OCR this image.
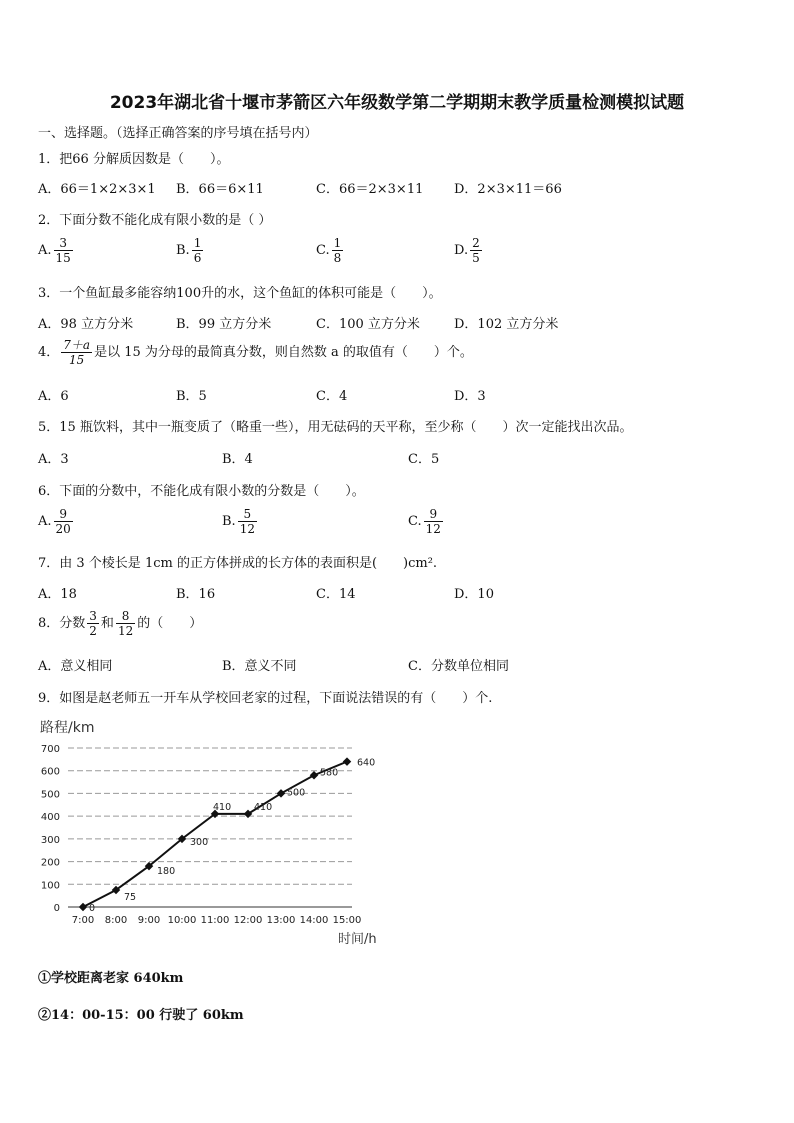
2023年湖北省十堰市茅箭区六年级数学第二学期期末教学质量检测模拟试题
一、选择题。（选择正确答案的序号填在括号内）
1．把66 分解质因数是（　　）。
A．66＝1×2×3×1 B．66＝6×11	C．66＝2×3×11 D．2×3×11＝66
2．下面分数不能化成有限小数的是（ ）
A. $\frac{3}{15}$	B. $\frac{1}{6}$	C. $\frac{1}{8}$	D. $\frac{2}{5}$
3．一个鱼缸最多能容纳100升的水，这个鱼缸的体积可能是（　　）。
A．98 立方分米	B．99 立方分米	C．100 立方分米	D．102 立方分米
4． $\frac{7+a}{15}$ 是以 15 为分母的最简真分数，则自然数 a 的取值有（　　）个。
A．6	B．5	C．4	D．3
5．15 瓶饮料，其中一瓶变质了（略重一些），用无砝码的天平称，至少称（　　）次一定能找出次品。
A．3	B．4	C．5
6．下面的分数中，不能化成有限小数的分数是（　　）。
A. $\frac{9}{20}$	B. $\frac{5}{12}$	C. $\frac{9}{12}$
7．由 3 个棱长是 1cm 的正方体拼成的长方体的表面积是(　　)cm².
A．18	B．16	C．14	D．10
8．分数 $\frac{3}{2}$ 和 $\frac{8}{12}$ 的（　　）
A．意义相同	B．意义不同	C．分数单位相同
9．如图是赵老师五一开车从学校回老家的过程，下面说法错误的有（　　）个.
路程/km
0
100
200
300
400
500
600
700
7:00 8:00 9:00 10:00 11:00 12:00 13:00 14:00 15:00
时间/h
0
75
180
300
410 410
500
580
640
①学校距离老家 640km
②14：00-15：00 行驶了 60km
